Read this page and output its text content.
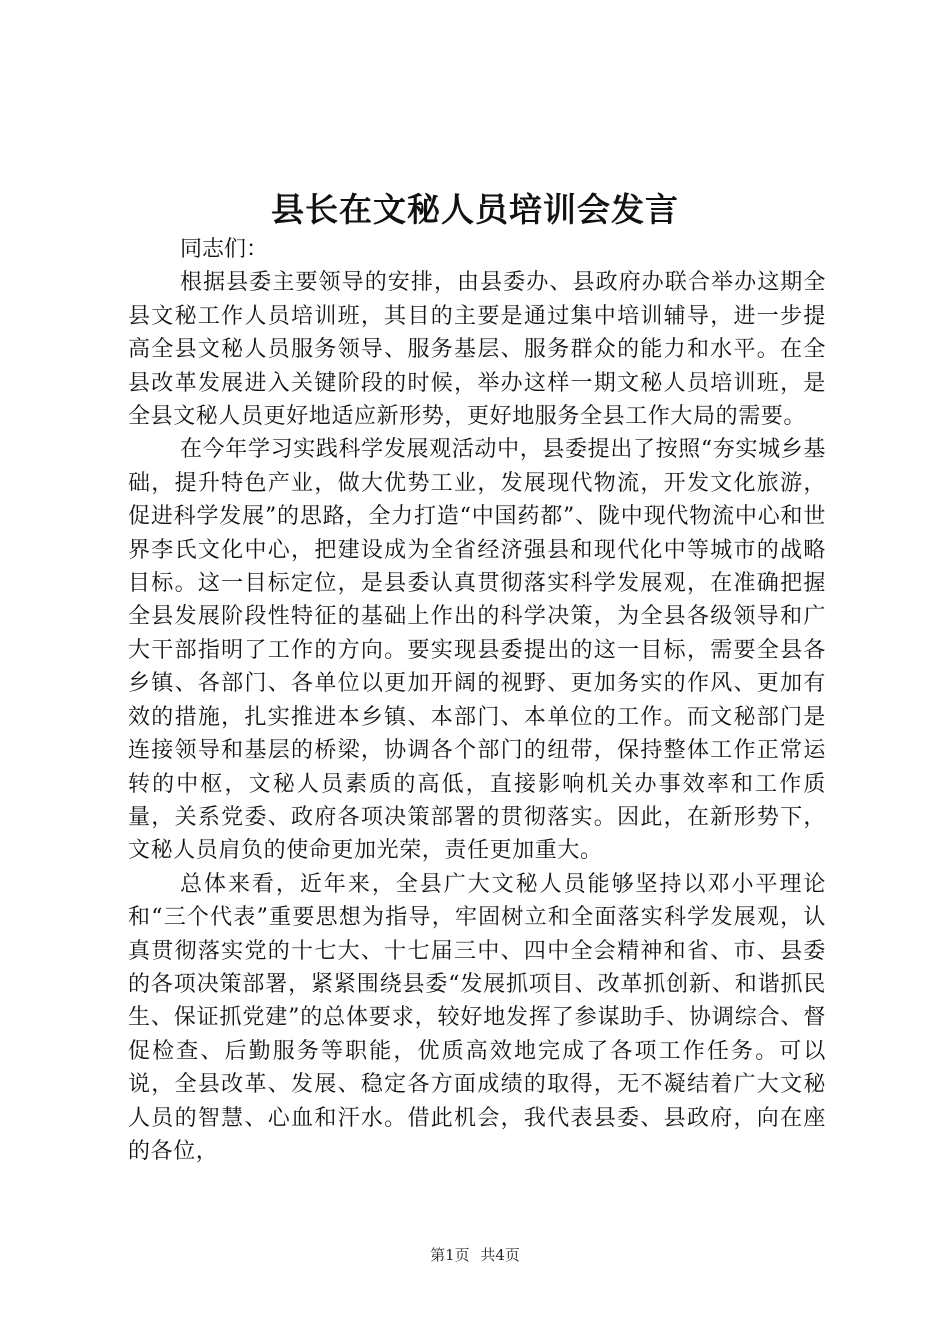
县长在文秘人员培训会发言

同志们：

根据县委主要领导的安排，由县委办、县政府办联合举办这期全县文秘工作人员培训班，其目的主要是通过集中培训辅导，进一步提高全县文秘人员服务领导、服务基层、服务群众的能力和水平。在全县改革发展进入关键阶段的时候，举办这样一期文秘人员培训班，是全县文秘人员更好地适应新形势，更好地服务全县工作大局的需要。

在今年学习实践科学发展观活动中，县委提出了按照“夯实城乡基础，提升特色产业，做大优势工业，发展现代物流，开发文化旅游，促进科学发展”的思路，全力打造“中国药都”、陇中现代物流中心和世界李氏文化中心，把建设成为全省经济强县和现代化中等城市的战略目标。这一目标定位，是县委认真贯彻落实科学发展观，在准确把握全县发展阶段性特征的基础上作出的科学决策，为全县各级领导和广大干部指明了工作的方向。要实现县委提出的这一目标，需要全县各乡镇、各部门、各单位以更加开阔的视野、更加务实的作风、更加有效的措施，扎实推进本乡镇、本部门、本单位的工作。而文秘部门是连接领导和基层的桥梁，协调各个部门的纽带，保持整体工作正常运转的中枢，文秘人员素质的高低，直接影响机关办事效率和工作质量，关系党委、政府各项决策部署的贯彻落实。因此，在新形势下，文秘人员肩负的使命更加光荣，责任更加重大。

总体来看，近年来，全县广大文秘人员能够坚持以邓小平理论和“三个代表”重要思想为指导，牢固树立和全面落实科学发展观，认真贯彻落实党的十七大、十七届三中、四中全会精神和省、市、县委的各项决策部署，紧紧围绕县委“发展抓项目、改革抓创新、和谐抓民生、保证抓党建”的总体要求，较好地发挥了参谋助手、协调综合、督促检查、后勤服务等职能，优质高效地完成了各项工作任务。可以说，全县改革、发展、稳定各方面成绩的取得，无不凝结着广大文秘人员的智慧、心血和汗水。借此机会，我代表县委、县政府，向在座的各位，

第1页 共4页
